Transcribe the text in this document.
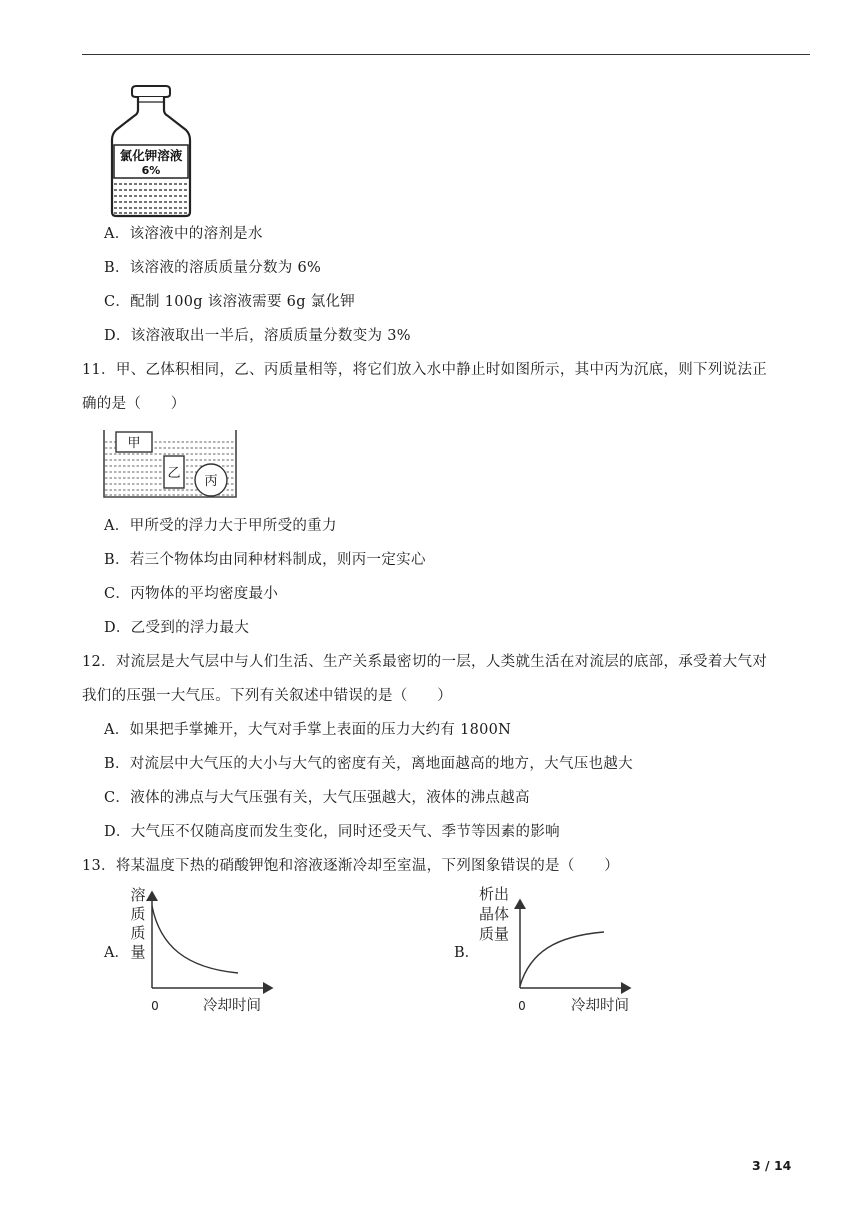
氯化钾溶液
6%
A．该溶液中的溶剂是水
B．该溶液的溶质质量分数为 6%
C．配制 100g 该溶液需要 6g 氯化钾
D．该溶液取出一半后，溶质质量分数变为 3%
11．甲、乙体积相同，乙、丙质量相等，将它们放入水中静止时如图所示，其中丙为沉底，则下列说法正
确的是（　　）
甲
乙
丙
A．甲所受的浮力大于甲所受的重力
B．若三个物体均由同种材料制成，则丙一定实心
C．丙物体的平均密度最小
D．乙受到的浮力最大
12．对流层是大气层中与人们生活、生产关系最密切的一层，人类就生活在对流层的底部，承受着大气对
我们的压强一大气压。下列有关叙述中错误的是（　　）
A．如果把手掌摊开，大气对手掌上表面的压力大约有 1800N
B．对流层中大气压的大小与大气的密度有关，离地面越高的地方，大气压也越大
C．液体的沸点与大气压强有关，大气压强越大，液体的沸点越高
D．大气压不仅随高度而发生变化，同时还受天气、季节等因素的影响
13．将某温度下热的硝酸钾饱和溶液逐渐冷却至室温，下列图象错误的是（　　）
A．
溶
质
质
量
0	冷却时间
B．
析出
晶体
质量
0	冷却时间
3 / 14
